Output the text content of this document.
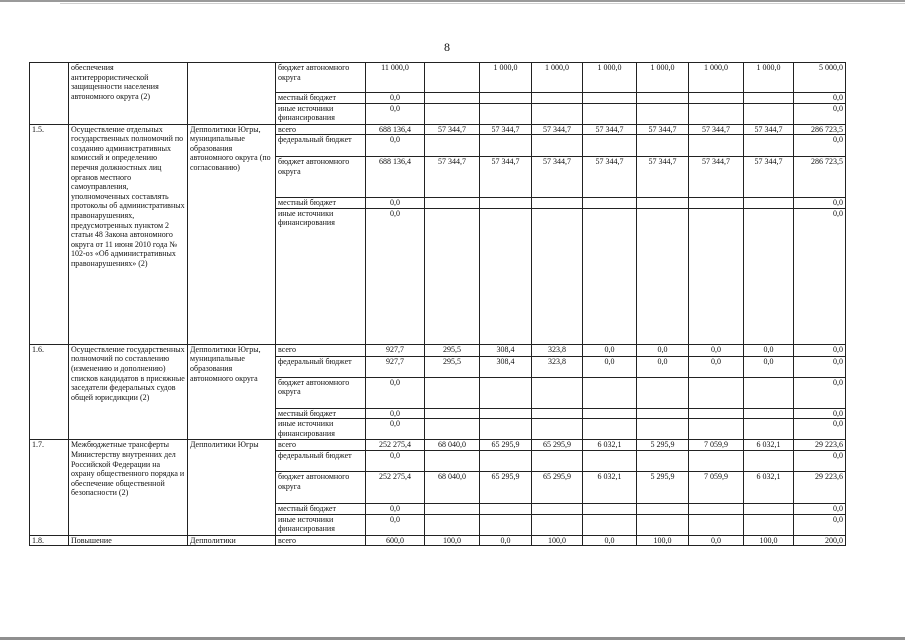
8
	обеспечения антитеррористической защищенности населения автономного округа (2)		бюджет автономного округа	11 000,0		1 000,0	1 000,0	1 000,0	1 000,0	1 000,0	1 000,0	5 000,0
			местный бюджет	0,0								0,0
			иные источники финансирования	0,0								0,0
1.5.	Осуществление отдельных государственных полномочий по созданию административных комиссий и определению перечня должностных лиц органов местного самоуправления, уполномоченных составлять протоколы об административных правонарушениях, предусмотренных пунктом 2 статьи 48 Закона автономного округа от 11 июня 2010 года № 102-оз «Об административных правонарушениях» (2)	Депполитики Югры, муниципальные образования автономного округа (по согласованию)	всего	688 136,4	57 344,7	57 344,7	57 344,7	57 344,7	57 344,7	57 344,7	57 344,7	286 723,5
			федеральный бюджет	0,0								0,0
			бюджет автономного округа	688 136,4	57 344,7	57 344,7	57 344,7	57 344,7	57 344,7	57 344,7	57 344,7	286 723,5
			местный бюджет	0,0								0,0
			иные источники финансирования	0,0								0,0
1.6.	Осуществление государственных полномочий по составлению (изменению и дополнению) списков кандидатов в присяжные заседатели федеральных судов общей юрисдикции (2)	Депполитики Югры, муниципальные образования автономного округа	всего	927,7	295,5	308,4	323,8	0,0	0,0	0,0	0,0	0,0
			федеральный бюджет	927,7	295,5	308,4	323,8	0,0	0,0	0,0	0,0	0,0
			бюджет автономного округа	0,0								0,0
			местный бюджет	0,0								0,0
			иные источники финансирования	0,0								0,0
1.7.	Межбюджетные трансферты Министерству внутренних дел Российской Федерации на охрану общественного порядка и обеспечение общественной безопасности (2)	Депполитики Югры	всего	252 275,4	68 040,0	65 295,9	65 295,9	6 032,1	5 295,9	7 059,9	6 032,1	29 223,6
			федеральный бюджет	0,0								0,0
			бюджет автономного округа	252 275,4	68 040,0	65 295,9	65 295,9	6 032,1	5 295,9	7 059,9	6 032,1	29 223,6
			местный бюджет	0,0								0,0
			иные источники финансирования	0,0								0,0
1.8.	Повышение	Депполитики	всего	600,0	100,0	0,0	100,0	0,0	100,0	0,0	100,0	200,0
